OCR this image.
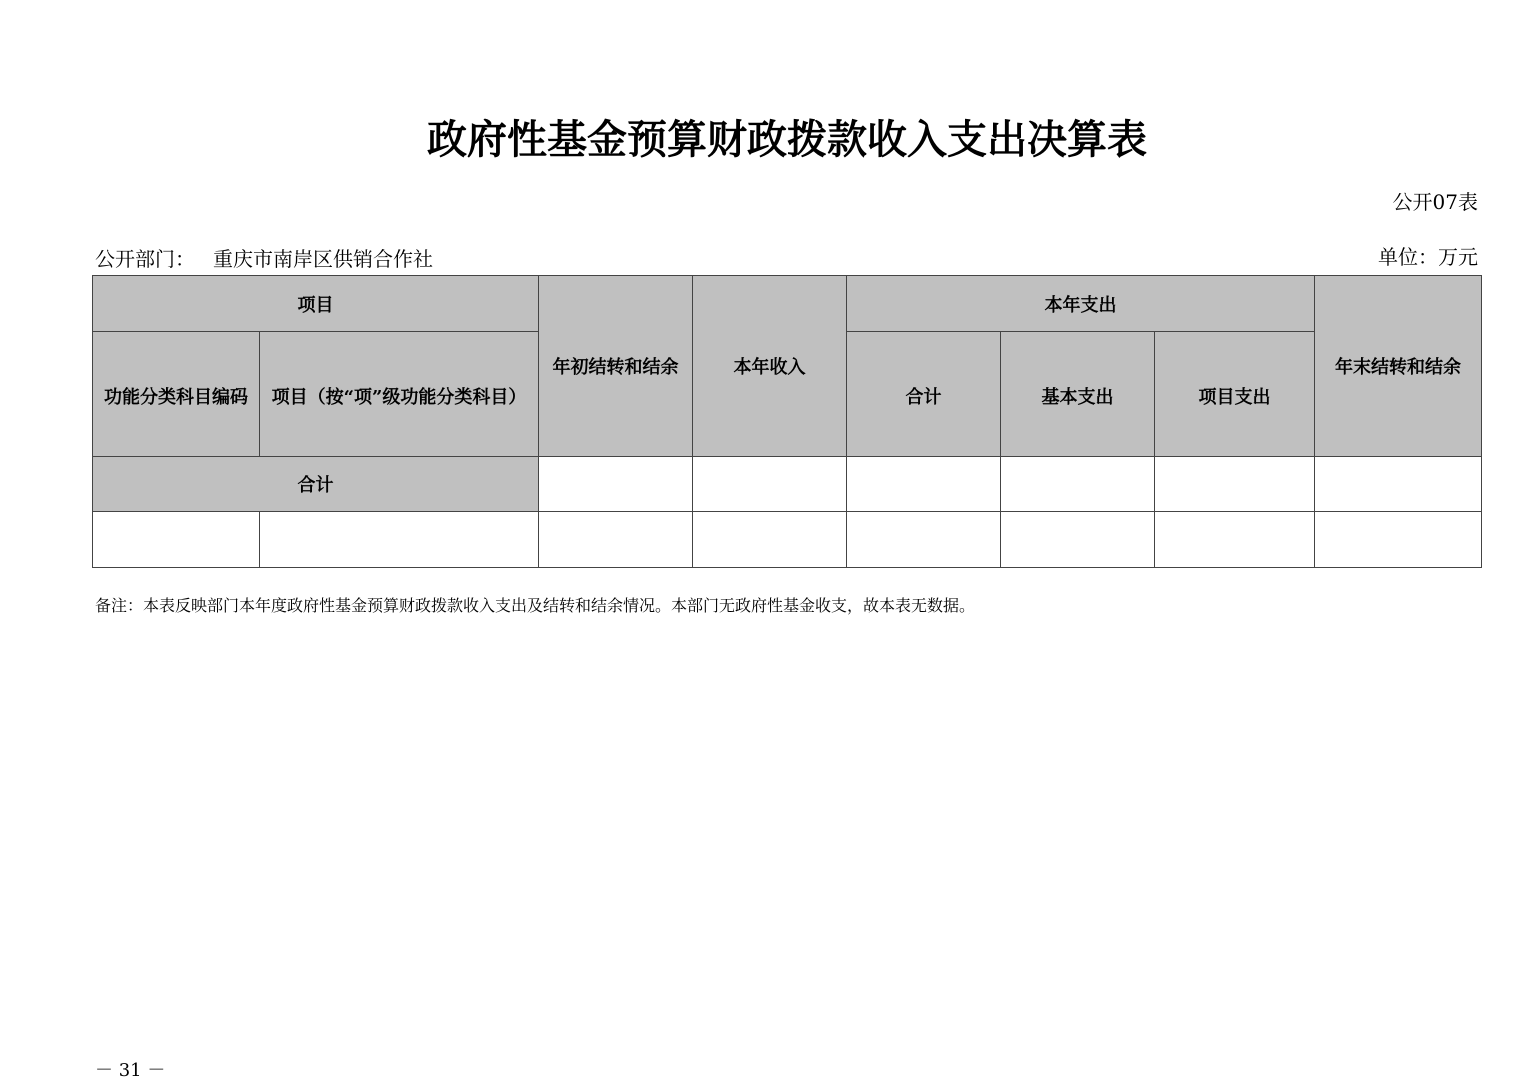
政府性基金预算财政拨款收入支出决算表
公开07表
公开部门： 重庆市南岸区供销合作社	单位：万元
项目		年初结转和结余	本年收入	本年支出			年末结转和结余
功能分类科目编码	项目（按“项”级功能分类科目）			合计	基本支出	项目支出	
合计							

备注：本表反映部门本年度政府性基金预算财政拨款收入支出及结转和结余情况。本部门无政府性基金收支，故本表无数据。
－ 31 －
